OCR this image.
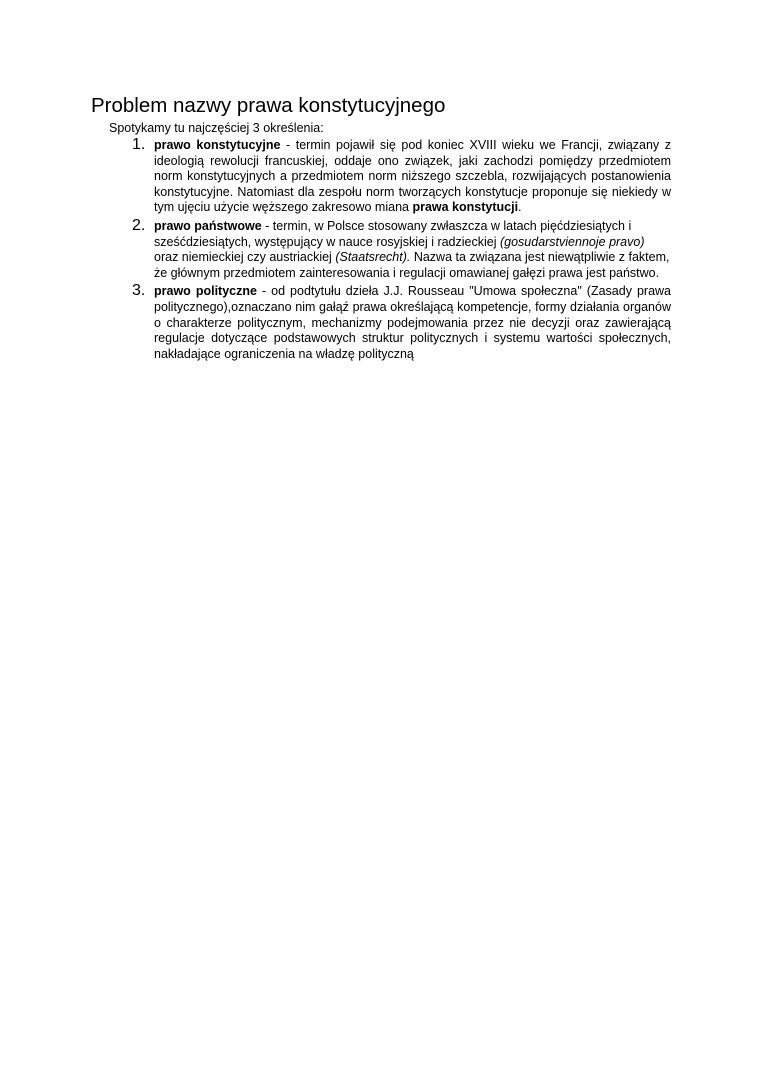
Problem nazwy prawa konstytucyjnego

Spotykamy tu najczęściej 3 określenia:

1. prawo konstytucyjne - termin pojawił się pod koniec XVIII wieku we Francji, związany z ideologią rewolucji francuskiej, oddaje ono związek, jaki zachodzi pomiędzy przedmiotem norm konstytucyjnych a przedmiotem norm niższego szczebla, rozwijających postanowienia konstytucyjne. Natomiast dla zespołu norm tworzących konstytucje proponuje się niekiedy w tym ujęciu użycie węższego zakresowo miana prawa konstytucji.

2. prawo państwowe - termin, w Polsce stosowany zwłaszcza w latach pięćdziesiątych i sześćdziesiątych, występujący w nauce rosyjskiej i radzieckiej (gosudarstviennoje pravo) oraz niemieckiej czy austriackiej (Staatsrecht). Nazwa ta związana jest niewątpliwie z faktem, że głównym przedmiotem zainteresowania i regulacji omawianej gałęzi prawa jest państwo.

3. prawo polityczne - od podtytułu dzieła J.J. Rousseau "Umowa społeczna" (Zasady prawa politycznego),oznaczano nim gałąź prawa określającą kompetencje, formy działania organów o charakterze politycznym, mechanizmy podejmowania przez nie decyzji oraz zawierającą regulacje dotyczące podstawowych struktur politycznych i systemu wartości społecznych, nakładające ograniczenia na władzę polityczną
